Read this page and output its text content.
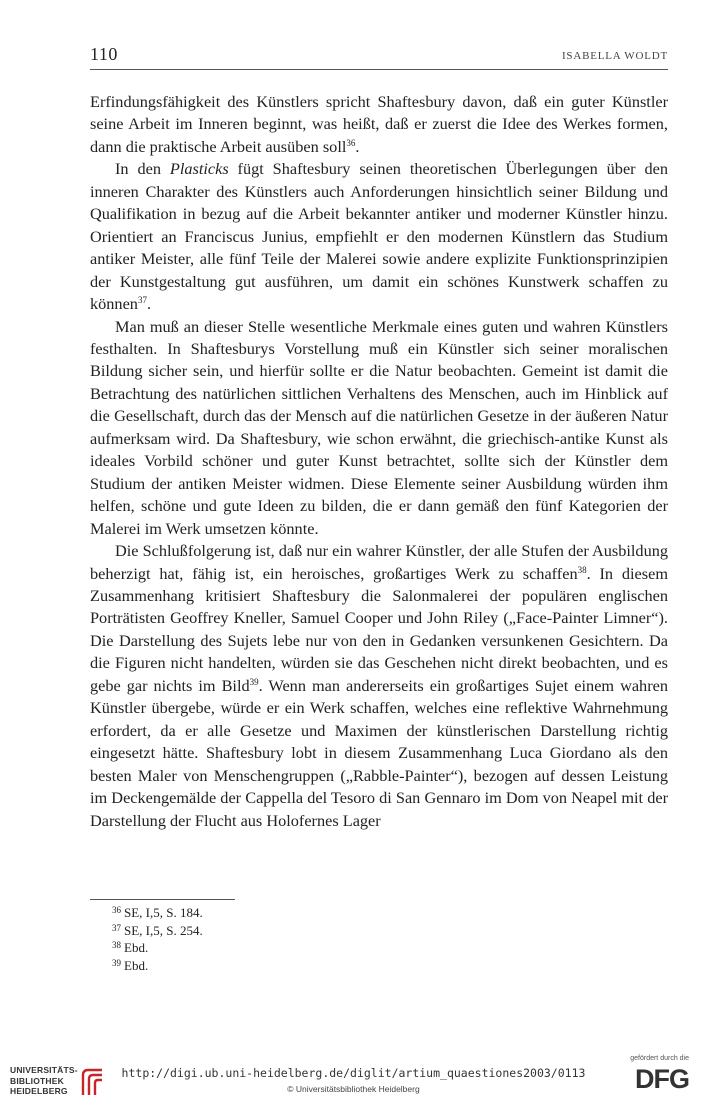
110	ISABELLA WOLDT

Erfindungsfähigkeit des Künstlers spricht Shaftesbury davon, daß ein guter Künstler seine Arbeit im Inneren beginnt, was heißt, daß er zuerst die Idee des Werkes formen, dann die praktische Arbeit ausüben soll$^{36}$.

In den Plasticks fügt Shaftesbury seinen theoretischen Überlegungen über den inneren Charakter des Künstlers auch Anforderungen hinsichtlich seiner Bildung und Qualifikation in bezug auf die Arbeit bekannter antiker und moderner Künstler hinzu. Orientiert an Franciscus Junius, empfiehlt er den modernen Künstlern das Studium antiker Meister, alle fünf Teile der Malerei sowie andere explizite Funktionsprinzipien der Kunstgestaltung gut ausführen, um damit ein schönes Kunstwerk schaffen zu können$^{37}$.

Man muß an dieser Stelle wesentliche Merkmale eines guten und wahren Künstlers festhalten. In Shaftesburys Vorstellung muß ein Künstler sich seiner moralischen Bildung sicher sein, und hierfür sollte er die Natur beobachten. Gemeint ist damit die Betrachtung des natürlichen sittlichen Verhaltens des Menschen, auch im Hinblick auf die Gesellschaft, durch das der Mensch auf die natürlichen Gesetze in der äußeren Natur aufmerksam wird. Da Shaftesbury, wie schon erwähnt, die griechisch-antike Kunst als ideales Vorbild schöner und guter Kunst betrachtet, sollte sich der Künstler dem Studium der antiken Meister widmen. Diese Elemente seiner Ausbildung würden ihm helfen, schöne und gute Ideen zu bilden, die er dann gemäß den fünf Kategorien der Malerei im Werk umsetzen könnte.

Die Schlußfolgerung ist, daß nur ein wahrer Künstler, der alle Stufen der Ausbildung beherzigt hat, fähig ist, ein heroisches, großartiges Werk zu schaffen$^{38}$. In diesem Zusammenhang kritisiert Shaftesbury die Salonmalerei der populären englischen Porträtisten Geoffrey Kneller, Samuel Cooper und John Riley („Face-Painter Limner“). Die Darstellung des Sujets lebe nur von den in Gedanken versunkenen Gesichtern. Da die Figuren nicht handelten, würden sie das Geschehen nicht direkt beobachten, und es gebe gar nichts im Bild$^{39}$. Wenn man andererseits ein großartiges Sujet einem wahren Künstler übergebe, würde er ein Werk schaffen, welches eine reflektive Wahrnehmung erfordert, da er alle Gesetze und Maximen der künstlerischen Darstellung richtig eingesetzt hätte. Shaftesbury lobt in diesem Zusammenhang Luca Giordano als den besten Maler von Menschengruppen („Rabble-Painter“), bezogen auf dessen Leistung im Deckengemälde der Cappella del Tesoro di San Gennaro im Dom von Neapel mit der Darstellung der Flucht aus Holofernes Lager

$^{36}$ SE, I,5, S. 184.
$^{37}$ SE, I,5, S. 254.
$^{38}$ Ebd.
$^{39}$ Ebd.
UNIVERSITÄTS-
BIBLIOTHEK
HEIDELBERG
http://digi.ub.uni-heidelberg.de/diglit/artium_quaestiones2003/0113
© Universitätsbibliothek Heidelberg
gefördert durch die
DFG
